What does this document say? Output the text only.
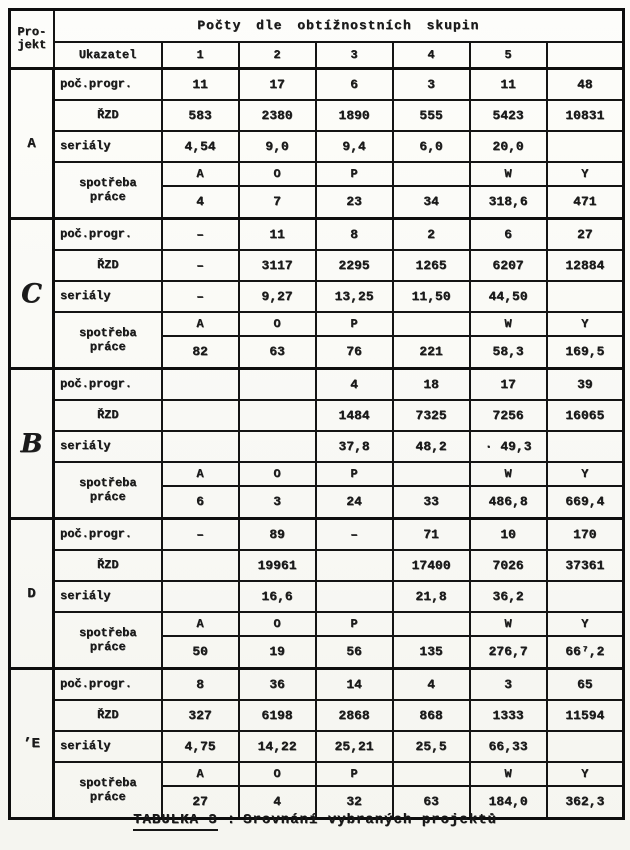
Pro-
jekt	Počty dle obtížnostních skupin						
	Ukazatel	1	2	3	4	5	
A	poč.progr.	11	17	6	3	11	48
	ŘZD	583	2380	1890	555	5423	10831
	seriály	4,54	9,0	9,4	6,0	20,0	

	spotřeba
práce	A	O	P		W	Y
		4	7	23	34	318,6	471
C	poč.progr.	–	11	8	2	6	27
	ŘZD	–	3117	2295	1265	6207	12884
	seriály	–	9,27	13,25	11,50	44,50	

	spotřeba
práce	A	O	P		W	Y
		82	63	76	221	58,3	169,5
B	poč.progr.			4	18	17	39
	ŘZD			1484	7325	7256	16065
	seriály			37,8	48,2	· 49,3	

	spotřeba
práce	A	O	P		W	Y
		6	3	24	33	486,8	669,4
D	poč.progr.	–	89	–	71	10	170
	ŘZD		19961		17400	7026	37361
	seriály		16,6		21,8	36,2	

	spotřeba
práce	A	O	P		W	Y
		50	19	56	135	276,7	66⁷,2
’E	poč.progr.	8	36	14	4	3	65
	ŘZD	327	6198	2868	868	1333	11594
	seriály	4,75	14,22	25,21	25,5	66,33	

	spotřeba
práce	A	O	P		W	Y
		27	4	32	63	184,0	362,3
TABULKA 3 : Srovnání vybraných projektů
